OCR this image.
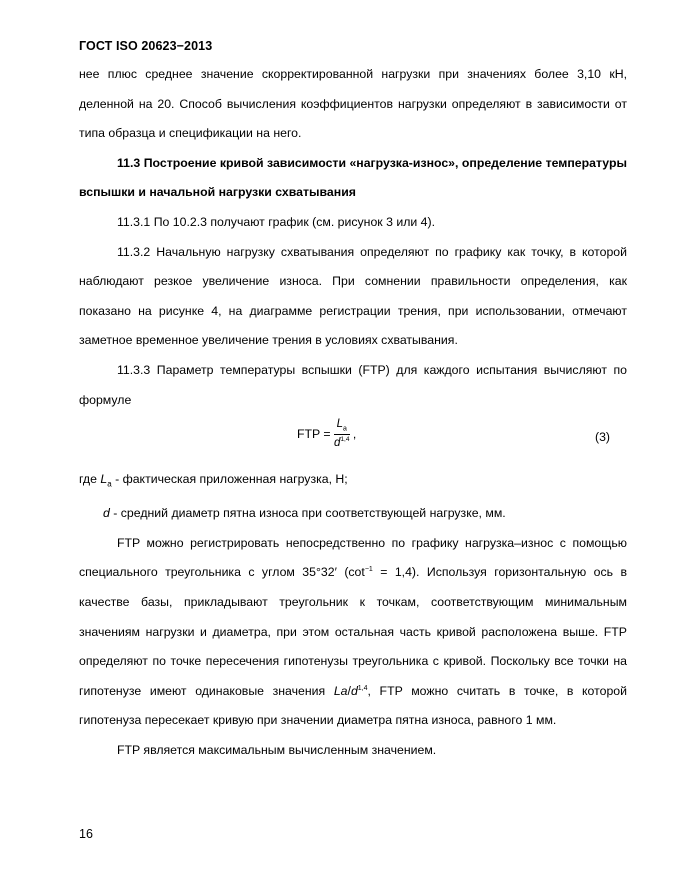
ГОСТ ISO 20623−2013

нее плюс среднее значение скорректированной нагрузки при значениях более 3,10 кН, деленной на 20. Способ вычисления коэффициентов нагрузки определяют в зависимости от типа образца и спецификации на него.

11.3 Построение кривой зависимости «нагрузка-износ», определение температуры вспышки и начальной нагрузки схватывания

11.3.1 По 10.2.3 получают график (см. рисунок 3 или 4).

11.3.2 Начальную нагрузку схватывания определяют по графику как точку, в которой наблюдают резкое увеличение износа. При сомнении правильности определения, как показано на рисунке 4, на диаграмме регистрации трения, при использовании, отмечают заметное временное увеличение трения в условиях схватывания.

11.3.3 Параметр температуры вспышки (FTP) для каждого испытания вычисляют по формуле

FTP = $\frac{L_a}{d^{1,4}}$ ,	(3)

где $L_a$ - фактическая приложенная нагрузка, Н;

d - средний диаметр пятна износа при соответствующей нагрузке, мм.

FTP можно регистрировать непосредственно по графику нагрузка–износ с помощью специального треугольника с углом 35°32′ $(\cot^{-1} = 1,4)$. Используя горизонтальную ось в качестве базы, прикладывают треугольник к точкам, соответствующим минимальным значениям нагрузки и диаметра, при этом остальная часть кривой расположена выше. FTP определяют по точке пересечения гипотенузы треугольника с кривой. Поскольку все точки на гипотенузе имеют одинаковые значения $La/d^{1,4}$, FTP можно считать в точке, в которой гипотенуза пересекает кривую при значении диаметра пятна износа, равного 1 мм.

FTP является максимальным вычисленным значением.

16
